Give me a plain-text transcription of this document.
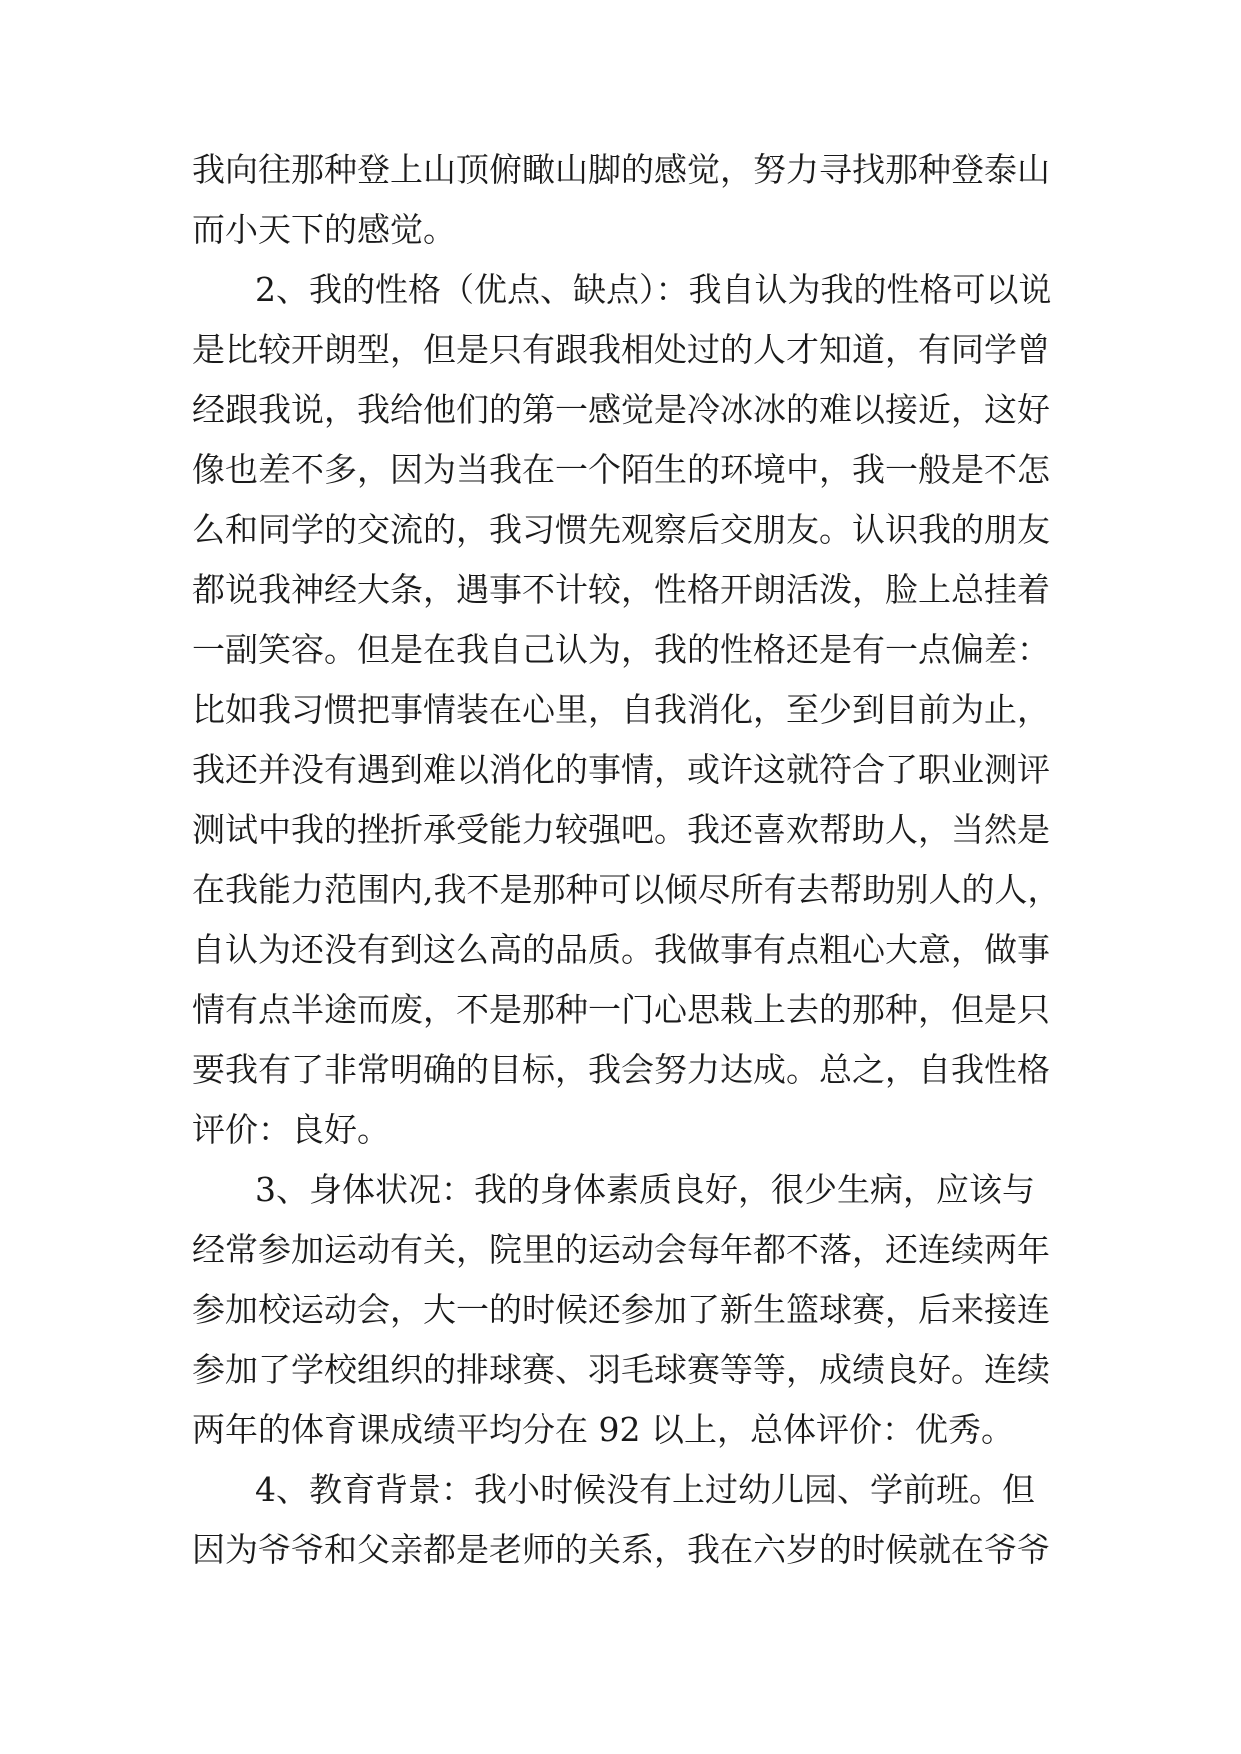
我向往那种登上山顶俯瞰山脚的感觉，努力寻找那种登泰山
而小天下的感觉。
2、我的性格（优点、缺点）：我自认为我的性格可以说
是比较开朗型，但是只有跟我相处过的人才知道，有同学曾
经跟我说，我给他们的第一感觉是冷冰冰的难以接近，这好
像也差不多，因为当我在一个陌生的环境中，我一般是不怎
么和同学的交流的，我习惯先观察后交朋友。认识我的朋友
都说我神经大条，遇事不计较，性格开朗活泼，脸上总挂着
一副笑容。但是在我自己认为，我的性格还是有一点偏差：
比如我习惯把事情装在心里，自我消化，至少到目前为止，
我还并没有遇到难以消化的事情，或许这就符合了职业测评
测试中我的挫折承受能力较强吧。我还喜欢帮助人，当然是
在我能力范围内,我不是那种可以倾尽所有去帮助别人的人，
自认为还没有到这么高的品质。我做事有点粗心大意，做事
情有点半途而废，不是那种一门心思栽上去的那种，但是只
要我有了非常明确的目标，我会努力达成。总之，自我性格
评价：良好。
3、身体状况：我的身体素质良好，很少生病，应该与
经常参加运动有关，院里的运动会每年都不落，还连续两年
参加校运动会，大一的时候还参加了新生篮球赛，后来接连
参加了学校组织的排球赛、羽毛球赛等等，成绩良好。连续
两年的体育课成绩平均分在 92 以上，总体评价：优秀。
4、教育背景：我小时候没有上过幼儿园、学前班。但
因为爷爷和父亲都是老师的关系，我在六岁的时候就在爷爷
